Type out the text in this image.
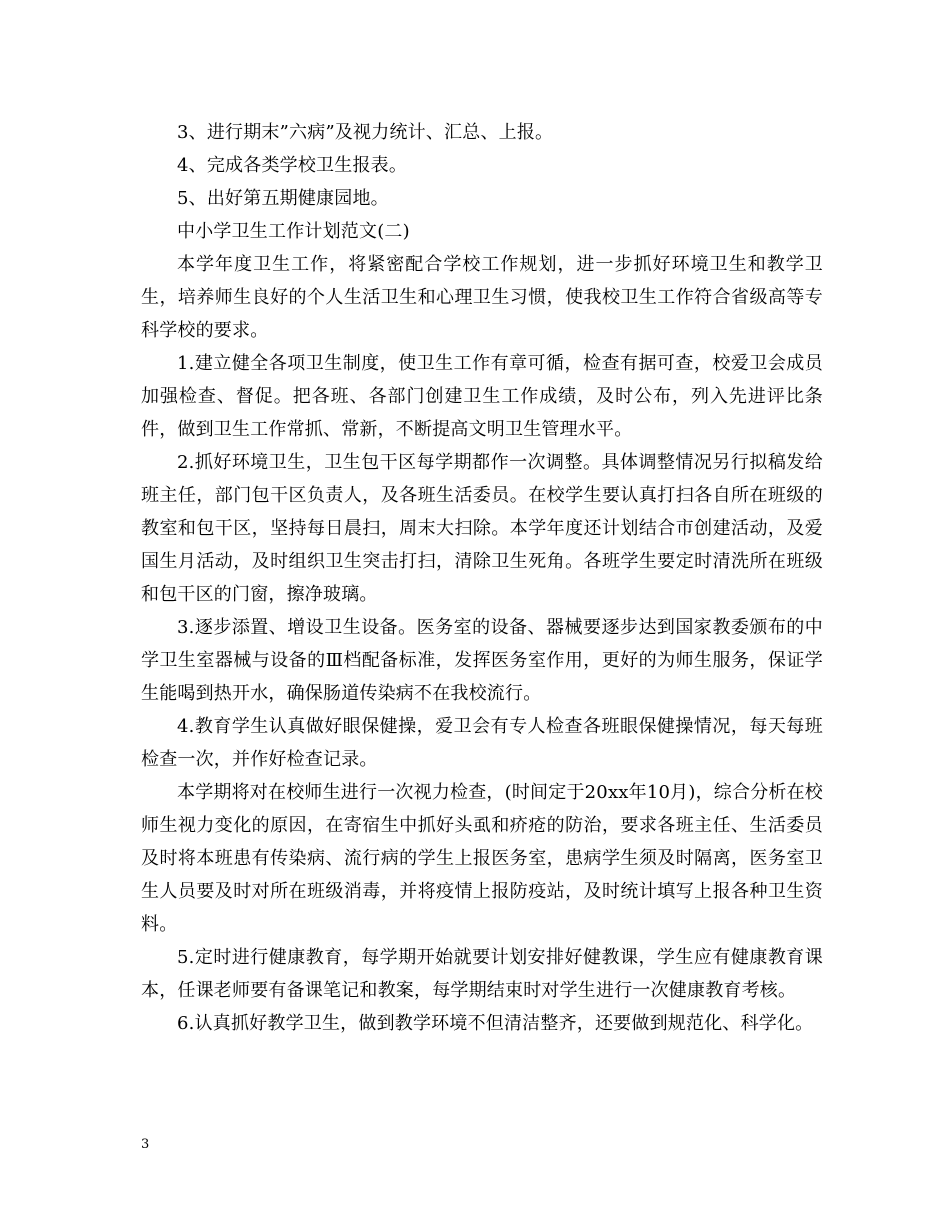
3、进行期末”六病”及视力统计、汇总、上报。

4、完成各类学校卫生报表。

5、出好第五期健康园地。

中小学卫生工作计划范文(二)

本学年度卫生工作，将紧密配合学校工作规划，进一步抓好环境卫生和教学卫生，培养师生良好的个人生活卫生和心理卫生习惯，使我校卫生工作符合省级高等专科学校的要求。

1.建立健全各项卫生制度，使卫生工作有章可循，检查有据可查，校爱卫会成员加强检查、督促。把各班、各部门创建卫生工作成绩，及时公布，列入先进评比条件，做到卫生工作常抓、常新，不断提高文明卫生管理水平。

2.抓好环境卫生，卫生包干区每学期都作一次调整。具体调整情况另行拟稿发给班主任，部门包干区负责人，及各班生活委员。在校学生要认真打扫各自所在班级的教室和包干区，坚持每日晨扫，周末大扫除。本学年度还计划结合市创建活动，及爱国生月活动，及时组织卫生突击打扫，清除卫生死角。各班学生要定时清洗所在班级和包干区的门窗，擦净玻璃。

3.逐步添置、增设卫生设备。医务室的设备、器械要逐步达到国家教委颁布的中学卫生室器械与设备的Ⅲ档配备标准，发挥医务室作用，更好的为师生服务，保证学生能喝到热开水，确保肠道传染病不在我校流行。

4.教育学生认真做好眼保健操，爱卫会有专人检查各班眼保健操情况，每天每班检查一次，并作好检查记录。

本学期将对在校师生进行一次视力检查，(时间定于20xx年10月)，综合分析在校师生视力变化的原因，在寄宿生中抓好头虱和疥疮的防治，要求各班主任、生活委员及时将本班患有传染病、流行病的学生上报医务室，患病学生须及时隔离，医务室卫生人员要及时对所在班级消毒，并将疫情上报防疫站，及时统计填写上报各种卫生资料。

5.定时进行健康教育，每学期开始就要计划安排好健教课，学生应有健康教育课本，任课老师要有备课笔记和教案，每学期结束时对学生进行一次健康教育考核。

6.认真抓好教学卫生，做到教学环境不但清洁整齐，还要做到规范化、科学化。

3
